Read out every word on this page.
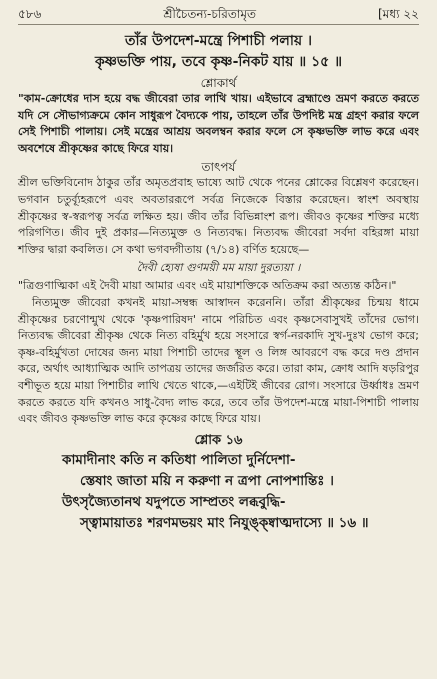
৫৮৬	শ্রীচৈতন্য-চরিতামৃত	[মধ্য ২২
তাঁর উপদেশ-মন্ত্রে পিশাচী পলায় ।
কৃষ্ণভক্তি পায়, তবে কৃষ্ণ-নিকট যায় ॥ ১৫ ॥
শ্লোকার্থ

"কাম-ক্রোধের দাস হয়ে বদ্ধ জীবেরা তার লাথি খায়। এইভাবে ব্রহ্মাণ্ডে ভ্রমণ করতে করতে যদি সে সৌভাগ্যক্রমে কোন সাধুরূপ বৈদ্যকে পায়, তাহলে তাঁর উপদিষ্ট মন্ত্র গ্রহণ করার ফলে সেই পিশাচী পালায়। সেই মন্ত্রের আশ্রয় অবলম্বন করার ফলে সে কৃষ্ণভক্তি লাভ করে এবং অবশেষে শ্রীকৃষ্ণের কাছে ফিরে যায়।

তাৎপর্য

শ্রীল ভক্তিবিনোদ ঠাকুর তাঁর অমৃতপ্রবাহ ভাষ্যে আট থেকে পনের শ্লোকের বিশ্লেষণ করেছেন। ভগবান চতুর্ব্যূহরূপে এবং অবতাররূপে সর্বত্র নিজেকে বিস্তার করেছেন। স্বাংশ অবস্থায় শ্রীকৃষ্ণের স্ব-স্বরূপত্ব সর্বত্র লক্ষিত হয়। জীব তাঁর বিভিন্নাংশ রূপ। জীবও কৃষ্ণের শক্তির মধ্যে পরিগণিত। জীব দুই প্রকার—নিত্যমুক্ত ও নিত্যবদ্ধ। নিত্যবদ্ধ জীবেরা সর্বদা বহিরঙ্গা মায়া শক্তির দ্বারা কবলিত। সে কথা ভগবদ্গীতায় (৭/১৪) বর্ণিত হয়েছে—

দৈবী হ্যেষা গুণময়ী মম মায়া দুরত্যয়া ।

"ত্রিগুণাত্মিকা এই দৈবী মায়া আমার এবং এই মায়াশক্তিকে অতিক্রম করা অত্যন্ত কঠিন।"

নিত্যমুক্ত জীবেরা কখনই মায়া-সম্বন্ধ আস্বাদন করেননি। তাঁরা শ্রীকৃষ্ণের চিন্ময় ধামে শ্রীকৃষ্ণের চরণোন্মুখ থেকে 'কৃষ্ণপারিষদ' নামে পরিচিত এবং কৃষ্ণসেবাসুখই তাঁদের ভোগ। নিত্যবদ্ধ জীবেরা শ্রীকৃষ্ণ থেকে নিত্য বহির্মুখ হয়ে সংসারে স্বর্গ-নরকাদি সুখ-দুঃখ ভোগ করে; কৃষ্ণ-বহির্মুখতা দোষের জন্য মায়া পিশাচী তাদের স্থূল ও লিঙ্গ আবরণে বদ্ধ করে দণ্ড প্রদান করে, অর্থাৎ আধ্যাত্মিক আদি তাপত্রয় তাদের জর্জরিত করে। তারা কাম, ক্রোধ আদি ষড়রিপুর বশীভূত হয়ে মায়া পিশাচীর লাথি খেতে থাকে,—এইটিই জীবের রোগ। সংসারে উর্ধ্বাধঃ ভ্রমণ করতে করতে যদি কখনও সাধু-বৈদ্য লাভ করে, তবে তাঁর উপদেশ-মন্ত্রে মায়া-পিশাচী পালায় এবং জীবও কৃষ্ণভক্তি লাভ করে কৃষ্ণের কাছে ফিরে যায়।

শ্লোক ১৬
কামাদীনাং কতি ন কতিধা পালিতা দুর্নিদেশা-
স্তেষাং জাতা ময়ি ন করুণা ন ত্রপা নোপশান্তিঃ ।
উৎসৃজ্যৈতানথ যদুপতে সাম্প্রতং লব্ধবুদ্ধি-
স্ত্বামায়াতঃ শরণমভয়ং মাং নিযুঙ্ক্ষ্বাত্মদাস্যে ॥ ১৬ ॥
